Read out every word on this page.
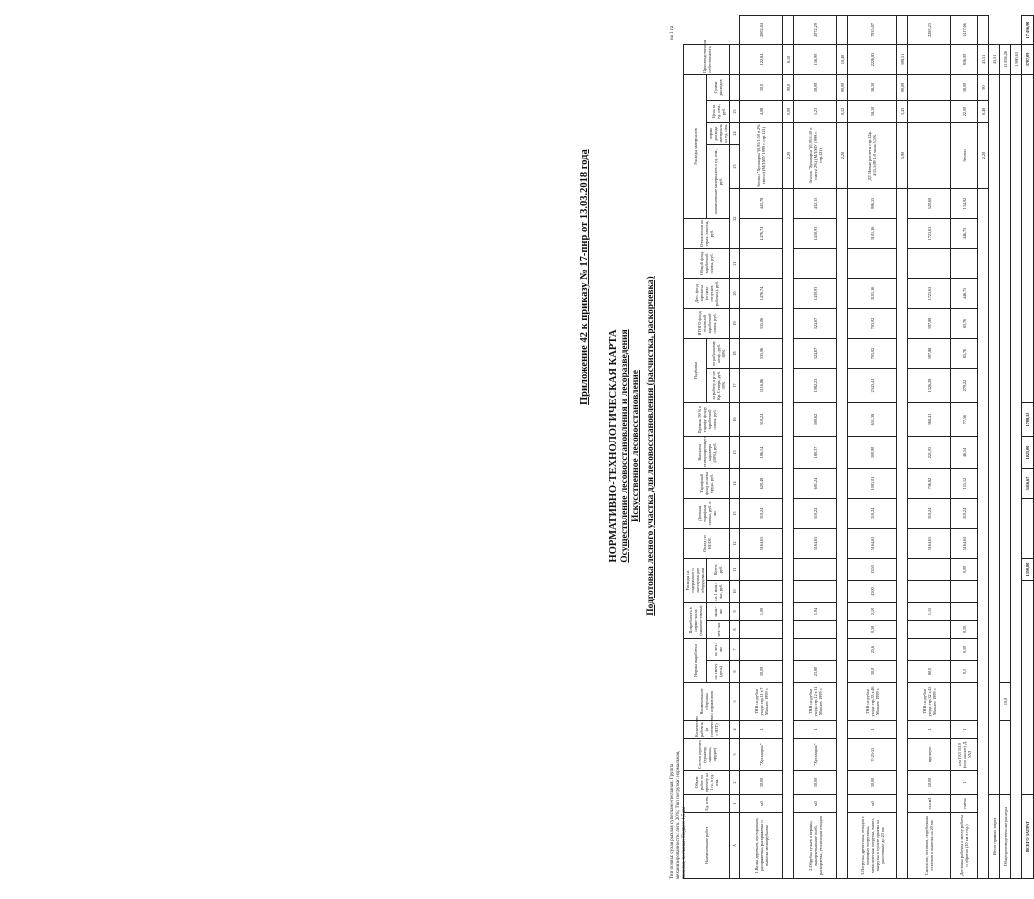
Приложение 42 к приказу № 17-пнр от 13.03.2018 года
НОРМАТИВНО-ТЕХНОЛОГИЧЕСКАЯ КАРТА Осуществление лесовосстановления и лесоразведения Искусственное лесовосстановление Подготовка лесного участка для лесовосстановления (расчистка, раскорчевка)
Тип почвы: сухая рыхлая супесчано-песчаная; Группа механизированности: легк. 20%; Тип погрузки: нормальная, тяжелая, песчаная; Подвоз: 1,5 км
на 1 га
Наименование работ	Ед. изм.	Объем работ по проекту на 1 га, в ед. изм.	Состав агрегата (трактор, машина, орудие)	Количество рабочих (в соответствии с НЗТ)	Наименование сборника нормативов	Нормы выработки		Потребность в нормо-часах (машино-смены)		Расходы на содержание и эксплуатацию оборудования		Оклад по НСОТ	Дневная тарифная ставка, руб. в час	Тарифный фонд оплаты труда, руб.	Выплаты стимулирующего характера (50%), руб.	Премия, 90 % к тарифу фонду заработной платы, руб.	Надбавки		ИТОГО фонд основной заработной платы, руб.	Доп. фонд зарплаты (оплата отпусков рабочих), руб.	Общий фонд заработной платы, руб.	Отчисления на страх. взносы, руб.	Расходы материалов					Производственная себестоимость	
						на смену (день)	на чел./час	чел.-час	маш.-час	на 1 маш./час, руб.	Всего, руб.						за работу в р-не Кр. Севера, руб. 30%	по районному коэф., руб. 80%					наименование материалов и ед. изм., руб.		норма расхода материала на ед. изм.	Цена за ед. изм., руб.	Сумма расходов		
А	1	2	3	4	5	6	7	8	9	10	11	12	13	14	15	16	17	18	19	20	21	22		23	24	25			
1.Валка деревьев, кустарников, раскряжевка, раскряжевка и вывозка мелкорубками	м3	30,00	"Хускварна"	1	ТНВ на рубки ухода стр.11 т.7 Минлес 1999 г.	30,00			1,00			5164,65	310,24	620,48	186,14	310,24	1116,86	335,06	335,06	1476,74		1476,74	443,78	бензин "Хускварна"(0,95/1:50 в 2% смеси) (МЛ/МУ 1999 г. стр.121)		4,08	30,0	122,84	2002,84
																								2,20		0,09	90,0	8,10	
2.Обрубка сучьев и вершин, выкорчевывание пней, раскорчевка, утилизация отходов	м3	30,00	"Хускварна"	1	ТНВ на рубки ухода стр.12 т.11 Минлес 1999 г.	23,80			1,94			5164,65	310,24	601,24	180,37	300,62	1082,23	324,67	324,67	1430,93		1430,93	432,15	бензин "Хускварна"(0,95/1:50 в смеси 2%) (МЛ/МУ 1999 г. стр.121)		5,23	30,00	156,90	2072,29
																								2,20		0,12	90,00	10,40	
3.Погрузка древесины, отходов с помощью погрузчика, механическая погрузка, вывоз, выгрузка в пункте приема на расстояние до 20 км	м3	30,00	Т-25-55	1	ТНВ на рубки ухода стр.33 т.46 Минлес 1999 г.	30,0	23,6	0,30	2,10	4500	1350	5164,65	310,24	1001,01	300,90	651,38	2343,41	703,02	703,02	3101,16		3101,16	906,55	ДТ Новые расчеты стр.12ф. 4/15,5/89 1:0 мала 5,5%		58,10	38,30	2226,83	7935,87
																								5,90		3,43	90,00	308,51	
Сжигание, остатков, порубочных остатков и вывозка на 20 км	скл.м3	50,00	вручную	1	ТНВ на рубки ухода стр.32 т.45 Минлес 1999 г.	80,0			1,15			5164,65	310,24	736,82	221,05	368,41	1326,28	397,88	397,88	1723,63		1723,63	520,60						2283,23
Доставка рабочих к месту работы и обратно (10 км в год.)	смена	1	а/м ГАЗ 3110 (или аналог) Д. УАЗ	1		0,5	0,50	0,50			0,00	5164,65	310,24	155,12	46,54	77,56	279,22	83,76	83,76	446,75		446,75	134,92	бензин		22,00	38,00	836,00	1417,66
																								2,20		0,48	90	43,51	
Итого прямых затрат																												43,51	
Общепроизводственные расходы					10,0																							15 836,26	
																												1 980,63	
ВСЕГО ЗАТРАТ											1350,00			3416,67	1025,00	1708,33												3707,09	17 416,90
